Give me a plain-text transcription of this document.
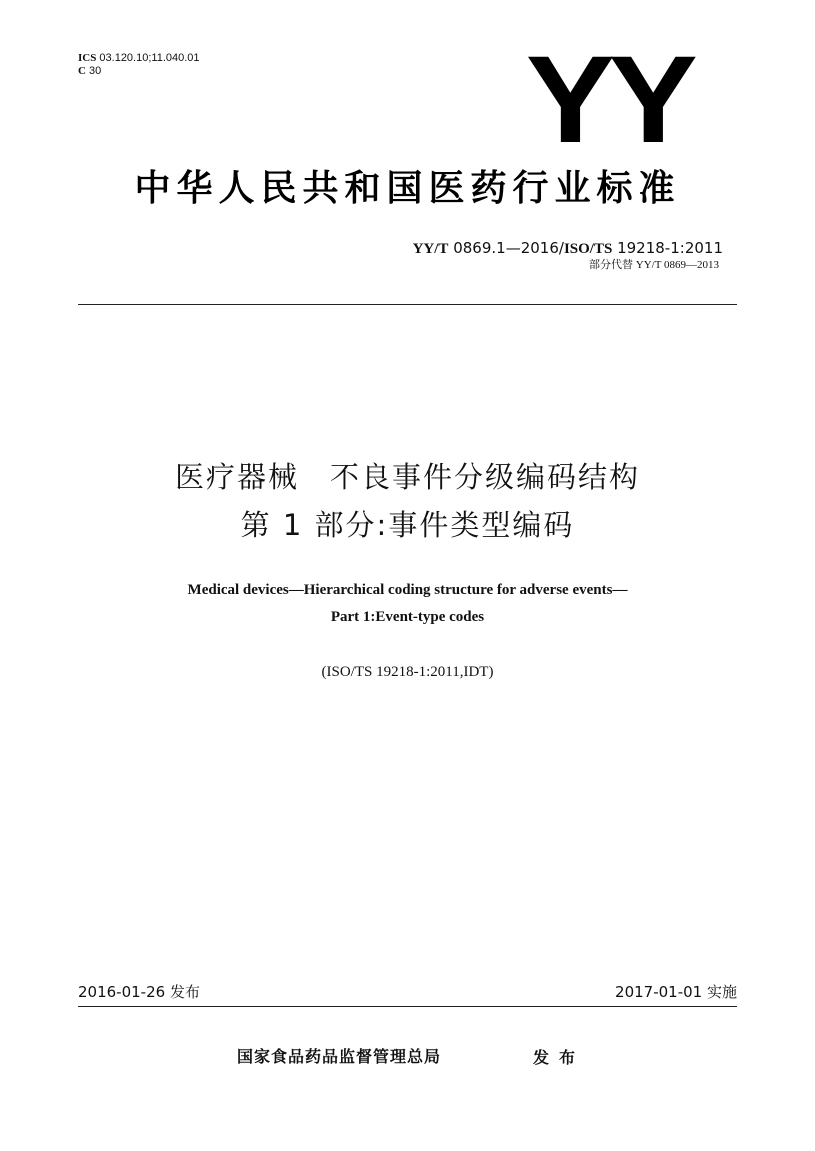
ICS 03.120.10;11.040.01
C 30	YY
中华人民共和国医药行业标准
YY/T 0869.1—2016/ISO/TS 19218-1:2011
部分代替 YY/T 0869—2013
医疗器械　不良事件分级编码结构
第 1 部分:事件类型编码
Medical devices—Hierarchical coding structure for adverse events—
Part 1:Event-type codes
(ISO/TS 19218-1:2011,IDT)
2016-01-26 发布	2017-01-01 实施
国家食品药品监督管理总局	发布
